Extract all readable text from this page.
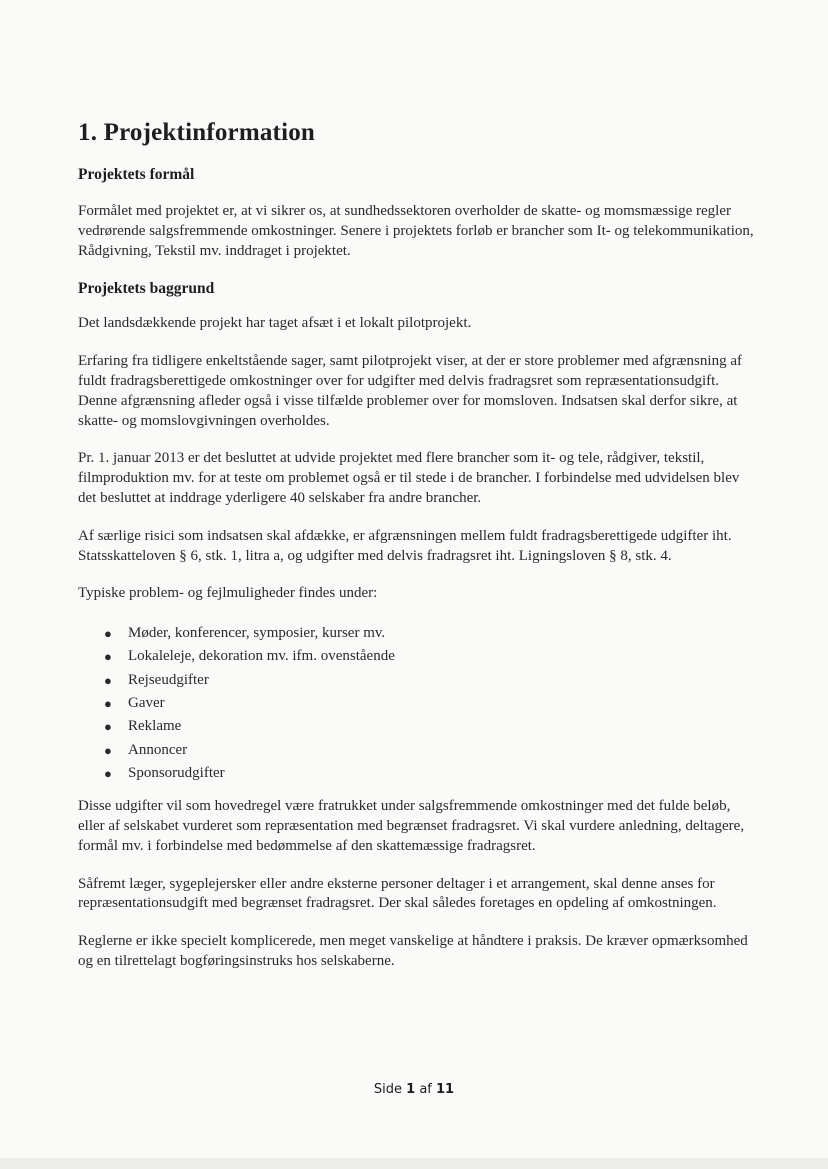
1. Projektinformation
Projektets formål

Formålet med projektet er, at vi sikrer os, at sundhedssektoren overholder de skatte- og momsmæssige regler vedrørende salgsfremmende omkostninger. Senere i projektets forløb er brancher som It- og telekommunikation, Rådgivning, Tekstil mv. inddraget i projektet.

Projektets baggrund

Det landsdækkende projekt har taget afsæt i et lokalt pilotprojekt.

Erfaring fra tidligere enkeltstående sager, samt pilotprojekt viser, at der er store problemer med afgrænsning af fuldt fradragsberettigede omkostninger over for udgifter med delvis fradragsret som repræsentationsudgift. Denne afgrænsning afleder også i visse tilfælde problemer over for momsloven. Indsatsen skal derfor sikre, at skatte- og momslovgivningen overholdes.

Pr. 1. januar 2013 er det besluttet at udvide projektet med flere brancher som it- og tele, rådgiver, tekstil, filmproduktion mv. for at teste om problemet også er til stede i de brancher. I forbindelse med udvidelsen blev det besluttet at inddrage yderligere 40 selskaber fra andre brancher.

Af særlige risici som indsatsen skal afdække, er afgrænsningen mellem fuldt fradragsberettigede udgifter iht. Statsskatteloven § 6, stk. 1, litra a, og udgifter med delvis fradragsret iht. Ligningsloven § 8, stk. 4.

Typiske problem- og fejlmuligheder findes under:

● Møder, konferencer, symposier, kurser mv.
● Lokaleleje, dekoration mv. ifm. ovenstående
● Rejseudgifter
● Gaver
● Reklame
● Annoncer
● Sponsorudgifter

Disse udgifter vil som hovedregel være fratrukket under salgsfremmende omkostninger med det fulde beløb, eller af selskabet vurderet som repræsentation med begrænset fradragsret. Vi skal vurdere anledning, deltagere, formål mv. i forbindelse med bedømmelse af den skattemæssige fradragsret.

Såfremt læger, sygeplejersker eller andre eksterne personer deltager i et arrangement, skal denne anses for repræsentationsudgift med begrænset fradragsret. Der skal således foretages en opdeling af omkostningen.

Reglerne er ikke specielt komplicerede, men meget vanskelige at håndtere i praksis. De kræver opmærksomhed og en tilrettelagt bogføringsinstruks hos selskaberne.

Side 1 af 11
